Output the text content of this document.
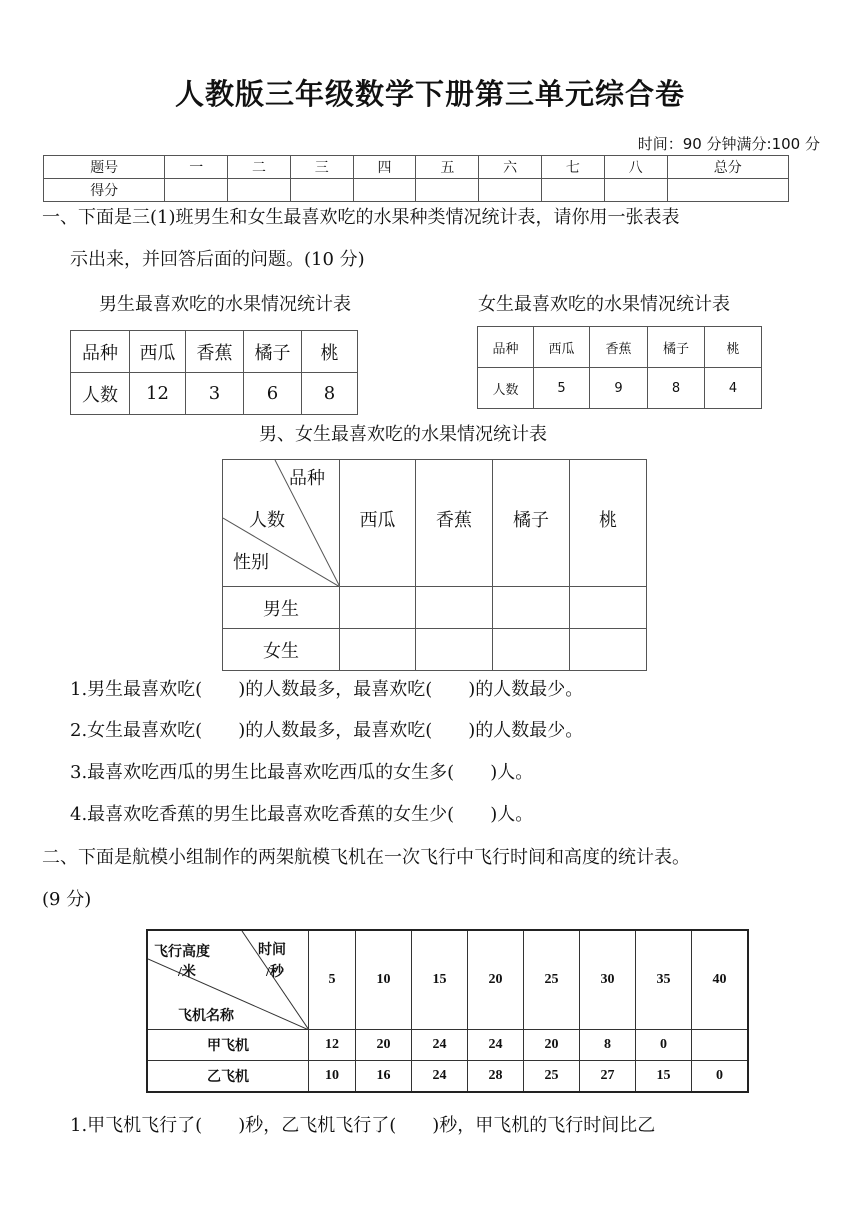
人教版三年级数学下册第三单元综合卷
时间：90 分钟满分:100 分
题号	一	二	三	四	五	六	七	八	总分
得分									
一、下面是三(1)班男生和女生最喜欢吃的水果种类情况统计表，请你用一张表表
示出来，并回答后面的问题。(10 分)
男生最喜欢吃的水果情况统计表	女生最喜欢吃的水果情况统计表
品种	西瓜	香蕉	橘子	桃
人数	12	3	6	8
品种	西瓜	香蕉	橘子	桃
人数	5	9	8	4
男、女生最喜欢吃的水果情况统计表
品种
人数
性别	西瓜	香蕉	橘子	桃
男生				
女生				
1.男生最喜欢吃(　　)的人数最多，最喜欢吃(　　)的人数最少。
2.女生最喜欢吃(　　)的人数最多，最喜欢吃(　　)的人数最少。
3.最喜欢吃西瓜的男生比最喜欢吃西瓜的女生多(　　)人。
4.最喜欢吃香蕉的男生比最喜欢吃香蕉的女生少(　　)人。
二、下面是航模小组制作的两架航模飞机在一次飞行中飞行时间和高度的统计表。
(9 分)
飞行高度
/米
时间
/秒
飞机名称	5	10	15	20	25	30	35	40
甲飞机	12	20	24	24	20	8	0	
乙飞机	10	16	24	28	25	27	15	0
1.甲飞机飞行了(　　)秒，乙飞机飞行了(　　)秒，甲飞机的飞行时间比乙
